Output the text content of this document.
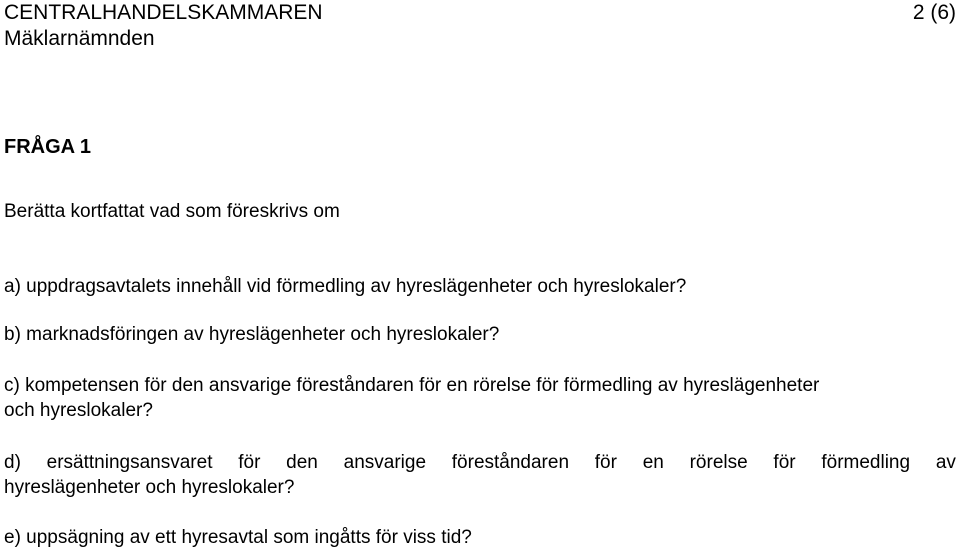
CENTRALHANDELSKAMMAREN
Mäklarnämnden
2 (6)
FRÅGA 1
Berätta kortfattat vad som föreskrivs om
a) uppdragsavtalets innehåll vid förmedling av hyreslägenheter och hyreslokaler?
b) marknadsföringen av hyreslägenheter och hyreslokaler?
c) kompetensen för den ansvarige föreståndaren för en rörelse för förmedling av hyreslägenheter
och hyreslokaler?
d) ersättningsansvaret för den ansvarige föreståndaren för en rörelse för förmedling av
hyreslägenheter och hyreslokaler?
e) uppsägning av ett hyresavtal som ingåtts för viss tid?
